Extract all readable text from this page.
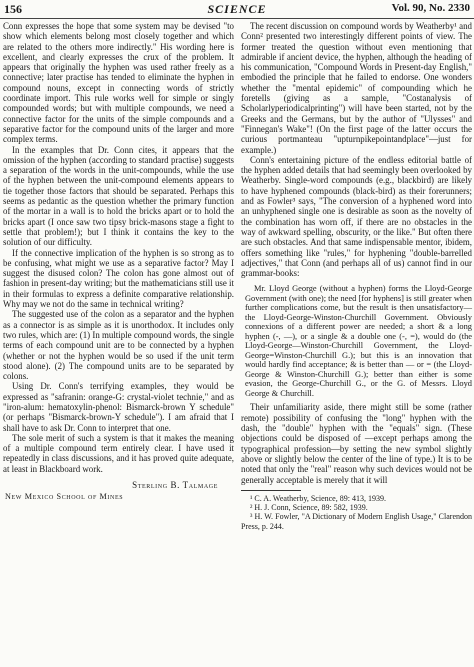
156	SCIENCE	Vol. 90, No. 2330

Conn expresses the hope that some system may be devised "to show which elements belong most closely together and which are related to the others more indirectly." His wording here is excellent, and clearly expresses the crux of the problem. It appears that originally the hyphen was used rather freely as a connective; later practise has tended to eliminate the hyphen in compound nouns, except in connecting words of strictly coordinate import. This rule works well for simple or singly compounded words; but with multiple compounds, we need a connective factor for the units of the simple compounds and a separative factor for the compound units of the larger and more complex terms.

In the examples that Dr. Conn cites, it appears that the omission of the hyphen (according to standard practise) suggests a separation of the words in the unit-compounds, while the use of the hyphen between the unit-compound elements appears to tie together those factors that should be separated. Perhaps this seems as pedantic as the question whether the primary function of the mortar in a wall is to hold the bricks apart or to hold the bricks apart (I once saw two tipsy brick-masons stage a fight to settle that problem!); but I think it contains the key to the solution of our difficulty.

If the connective implication of the hyphen is so strong as to be confusing, what might we use as a separative factor? May I suggest the disused colon? The colon has gone almost out of fashion in present-day writing; but the mathematicians still use it in their formulas to express a definite comparative relationship. Why may we not do the same in technical writing?

The suggested use of the colon as a separator and the hyphen as a connector is as simple as it is unorthodox. It includes only two rules, which are: (1) In multiple compound words, the single terms of each compound unit are to be connected by a hyphen (whether or not the hyphen would be so used if the unit term stood alone). (2) The compound units are to be separated by colons.

Using Dr. Conn's terrifying examples, they would be expressed as "safranin: orange-G: crystal-violet technie," and as "iron-alum: hematoxylin-phenol: Bismarck-brown Y schedule" (or perhaps "Bismarck-brown-Y schedule"). I am afraid that I shall have to ask Dr. Conn to interpret that one.

The sole merit of such a system is that it makes the meaning of a multiple compound term entirely clear. I have used it repeatedly in class discussions, and it has proved quite adequate, at least in Blackboard work.

Sterling B. Talmage
New Mexico School of Mines

The recent discussion on compound words by Weatherby¹ and Conn² presented two interestingly different points of view. The former treated the question without even mentioning that admirable if ancient device, the hyphen, although the heading of his communication, "Compound Words in Present-day English," embodied the principle that he failed to endorse. One wonders whether the "mental epidemic" of compounding which he foretells (giving as a sample, "Costanalysis of Scholarlyperiodicalprinting") will have been started, not by the Greeks and the Germans, but by the author of "Ulysses" and "Finnegan's Wake"! (On the first page of the latter occurs the curious portmanteau "upturnpikepointandplace"—just for example.)

Conn's entertaining picture of the endless editorial battle of the hyphen added details that had seemingly been overlooked by Weatherby. Single-word compounds (e.g., blackbird) are likely to have hyphened compounds (black-bird) as their forerunners; and as Fowler³ says, "The conversion of a hyphened word into an unhyphened single one is desirable as soon as the novelty of the combination has worn off, if there are no obstacles in the way of awkward spelling, obscurity, or the like." But often there are such obstacles. And that same indispensable mentor, ibidem, offers something like "rules," for hyphening "double-barrelled adjectives," that Conn (and perhaps all of us) cannot find in our grammar-books:

Mr. Lloyd George (without a hyphen) forms the Lloyd-George Government (with one); the need [for hyphens] is still greater when further complications come, but the result is then unsatisfactory—the Lloyd-George-Winston-Churchill Government. Obviously connexions of a different power are needed; a short & a long hyphen (-, —), or a single & a double one (-, =), would do (the Lloyd-George—Winston-Churchill Government, the Lloyd-George=Winston-Churchill G.); but this is an innovation that would hardly find acceptance; & is better than — or = (the Lloyd-George & Winston-Churchill G.); better than either is some evasion, the George-Churchill G., or the G. of Messrs. Lloyd George & Churchill.

Their unfamiliarity aside, there might still be some (rather remote) possibility of confusing the "long" hyphen with the dash, the "double" hyphen with the "equals" sign. (These objections could be disposed of —except perhaps among the typographical profession—by setting the new symbol slightly above or slightly below the center of the line of type.) It is to be noted that only the "real" reason why such devices would not be generally acceptable is merely that it will

¹ C. A. Weatherby, Science, 89: 413, 1939.

² H. J. Conn, Science, 89: 582, 1939.

³ H. W. Fowler, "A Dictionary of Modern English Usage," Clarendon Press, p. 244.
